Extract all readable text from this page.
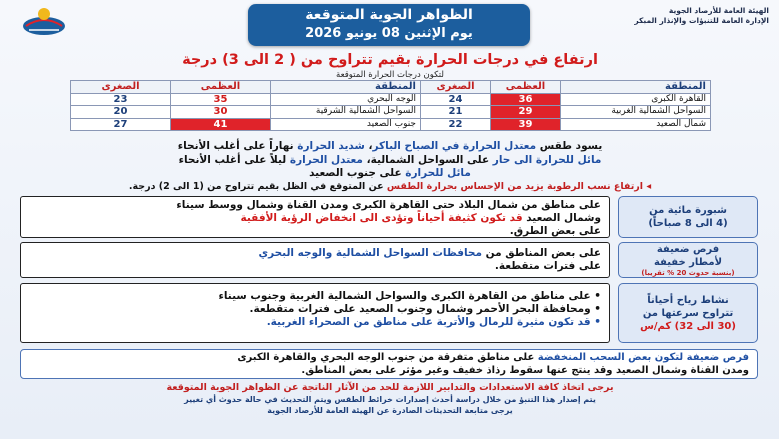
الهيئة العامة للأرصاد الجوية
الإدارة العامة للتنبؤات والإنذار المبكر
الظواهر الجوية المتوقعة
يوم الإثنين 08 يونيو 2026
ارتفاع في درجات الحرارة بقيم تتراوح من ( 2 الى 3) درجة
لتكون درجات الحرارة المتوقعة
المنطقة	العظمى	الصغرى	المنطقة	العظمى	الصغرى
القاهرة الكبرى	36	24	الوجه البحري	35	23
السواحل الشمالية الغربية	29	21	السواحل الشمالية الشرقية	30	20
شمال الصعيد	39	22	جنوب الصعيد	41	27
يسود طقس معتدل الحرارة في الصباح الباكر، شديد الحرارة نهاراً على أغلب الأنحاء
مائل للحرارة الى حار على السواحل الشمالية، معتدل الحرارة ليلاً على أغلب الأنحاء
مائل للحرارة على جنوب الصعيد
◂ ارتفاع نسب الرطوبة يزيد من الإحساس بحرارة الطقس عن المتوقع في الظل بقيم تتراوح من (1 الى 2) درجة.
شبورة مائية من
(4 الى 8 صباحاً)
على مناطق من شمال البلاد حتى القاهرة الكبرى ومدن القناة وشمال ووسط سيناء
وشمال الصعيد قد تكون كثيفة أحياناً وتؤدى الى انخفاض الرؤية الأفقية
على بعض الطرق.
فرص ضعيفة
لأمطار خفيفة
(بنسبة حدوث 20 % تقريبا)
على بعض المناطق من محافظات السواحل الشمالية والوجه البحري
على فترات متقطعة.
نشاط رياح أحياناً
تتراوح سرعتها من
(30 الى 32) كم/س
• على مناطق من القاهرة الكبرى والسواحل الشمالية الغربية وجنوب سيناء
• ومحافظة البحر الأحمر وشمال وجنوب الصعيد على فترات متقطعة.
• قد تكون مثيرة للرمال والأتربة على مناطق من الصحراء الغربية.
فرص ضعيفة لتكون بعض السحب المنخفضة على مناطق متفرقة من جنوب الوجه البحري والقاهرة الكبرى
ومدن القناة وشمال الصعيد وقد ينتج عنها سقوط رذاذ خفيف وغير مؤثر على بعض المناطق.
يرجى اتخاذ كافة الاستعدادات والتدابير اللازمة للحد من الآثار الناتجة عن الظواهر الجوية المتوقعة
يتم إصدار هذا التنبؤ من خلال دراسة أحدث إصدارات خرائط الطقس ويتم التحديث في حالة حدوث أي تغيير
يرجى متابعة التحديثات الصادرة عن الهيئة العامة للأرصاد الجوية
